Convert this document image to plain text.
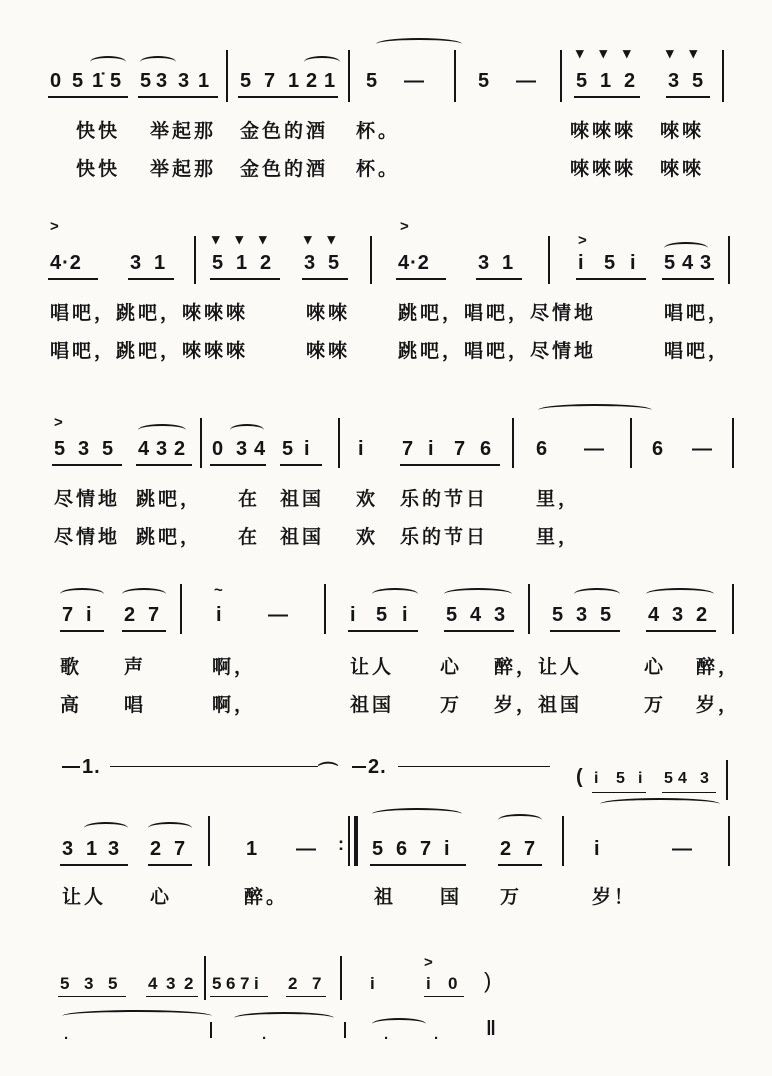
0 5 1̇ 5 5 3 3 1 5 7 1 2 1 5 —	5 — 5 1 2 3 5
▾▾▾ ▾▾
快快 举起那 金色的酒 杯。	唻唻唻 唻唻
快快 举起那 金色的酒 杯。	唻唻唻 唻唻
>	>
>
▾▾▾ ▾▾
4·2 3 1 5 1 2 3 5	4·2 3 1	i 5 i 5 4 3
唱吧，跳吧，唻唻唻	唻唻	跳吧，唱吧，尽情地	唱吧，
唱吧，跳吧，唻唻唻	唻唻	跳吧，唱吧，尽情地	唱吧，
>
5 3 5 4 3 2 0 3 4 5 i i 7 i 7 6 6 — 6 —
尽情地 跳吧， 在 祖国 欢 乐的节日	里，
尽情地 跳吧， 在 祖国 欢 乐的节日	里，
~
7 i 2 7	i —	i 5 i 5 4 3 5 3 5 4 3 2
歌 声	啊，	让人 心 醉，让人	心 醉，
高 唱	啊，	祖国 万 岁，祖国	万 岁，
1.	⌒ 2.	( i 5 i 5 4 3
3 1 3 2 7	1 — : 5 6 7 i 2 7	i	—
让人 心	醉。	祖 国 万	岁！
>
5 3 5 4 3 2 5 6 7 i 2 7	i	i 0 )
‖
.	.	.	.
